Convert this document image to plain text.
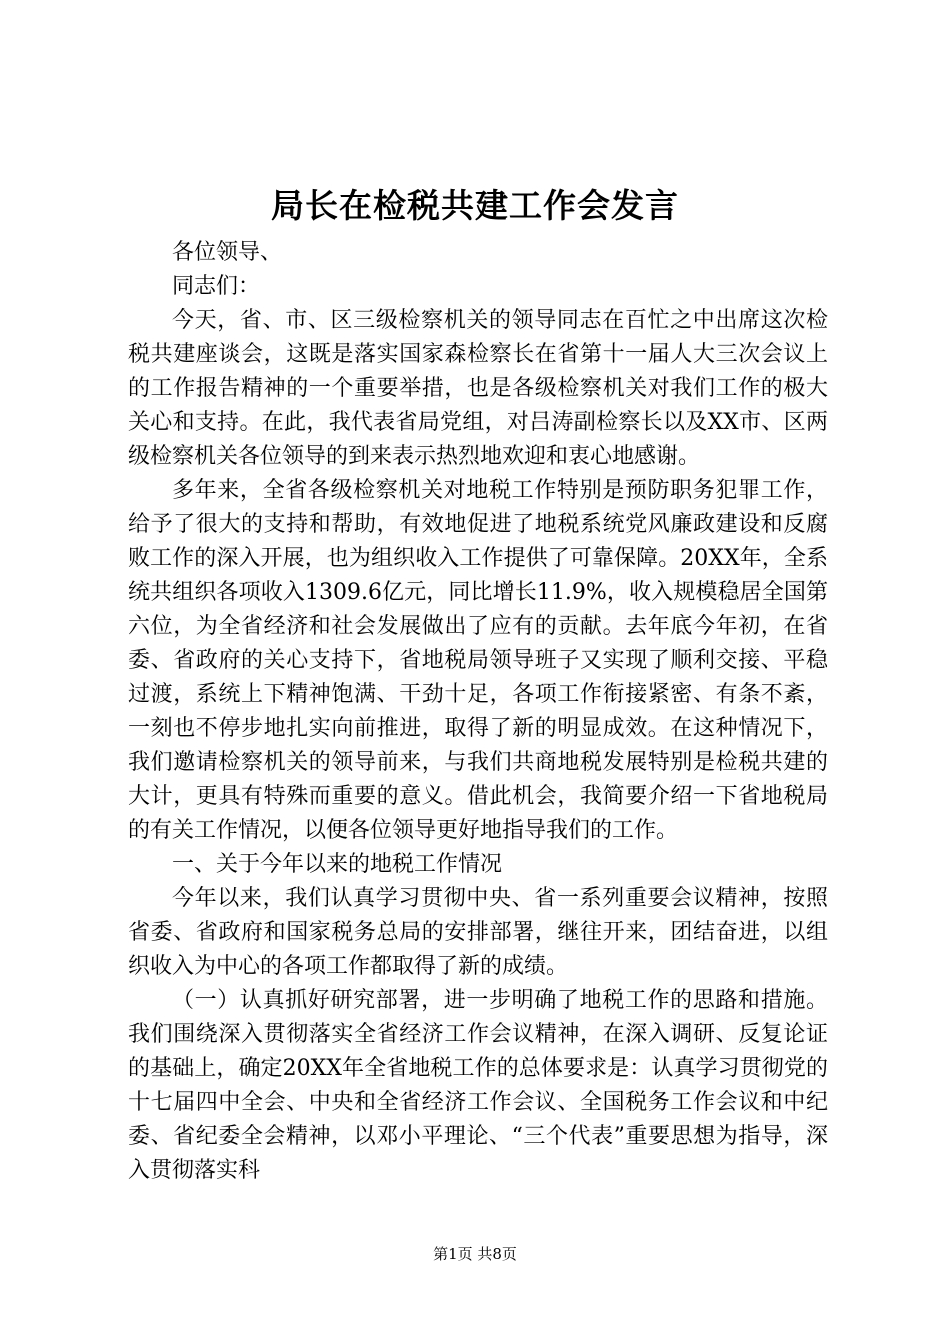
局长在检税共建工作会发言

各位领导、

同志们：

今天，省、市、区三级检察机关的领导同志在百忙之中出席这次检税共建座谈会，这既是落实国家森检察长在省第十一届人大三次会议上的工作报告精神的一个重要举措，也是各级检察机关对我们工作的极大关心和支持。在此，我代表省局党组，对吕涛副检察长以及XX市、区两级检察机关各位领导的到来表示热烈地欢迎和衷心地感谢。

多年来，全省各级检察机关对地税工作特别是预防职务犯罪工作，给予了很大的支持和帮助，有效地促进了地税系统党风廉政建设和反腐败工作的深入开展，也为组织收入工作提供了可靠保障。20XX年，全系统共组织各项收入1309.6亿元，同比增长11.9%，收入规模稳居全国第六位，为全省经济和社会发展做出了应有的贡献。去年底今年初，在省委、省政府的关心支持下，省地税局领导班子又实现了顺利交接、平稳过渡，系统上下精神饱满、干劲十足，各项工作衔接紧密、有条不紊，一刻也不停步地扎实向前推进，取得了新的明显成效。在这种情况下，我们邀请检察机关的领导前来，与我们共商地税发展特别是检税共建的大计，更具有特殊而重要的意义。借此机会，我简要介绍一下省地税局的有关工作情况，以便各位领导更好地指导我们的工作。

一、关于今年以来的地税工作情况

今年以来，我们认真学习贯彻中央、省一系列重要会议精神，按照省委、省政府和国家税务总局的安排部署，继往开来，团结奋进，以组织收入为中心的各项工作都取得了新的成绩。

（一）认真抓好研究部署，进一步明确了地税工作的思路和措施。我们围绕深入贯彻落实全省经济工作会议精神，在深入调研、反复论证的基础上，确定20XX年全省地税工作的总体要求是：认真学习贯彻党的十七届四中全会、中央和全省经济工作会议、全国税务工作会议和中纪委、省纪委全会精神，以邓小平理论、“三个代表”重要思想为指导，深入贯彻落实科

第1页 共8页
